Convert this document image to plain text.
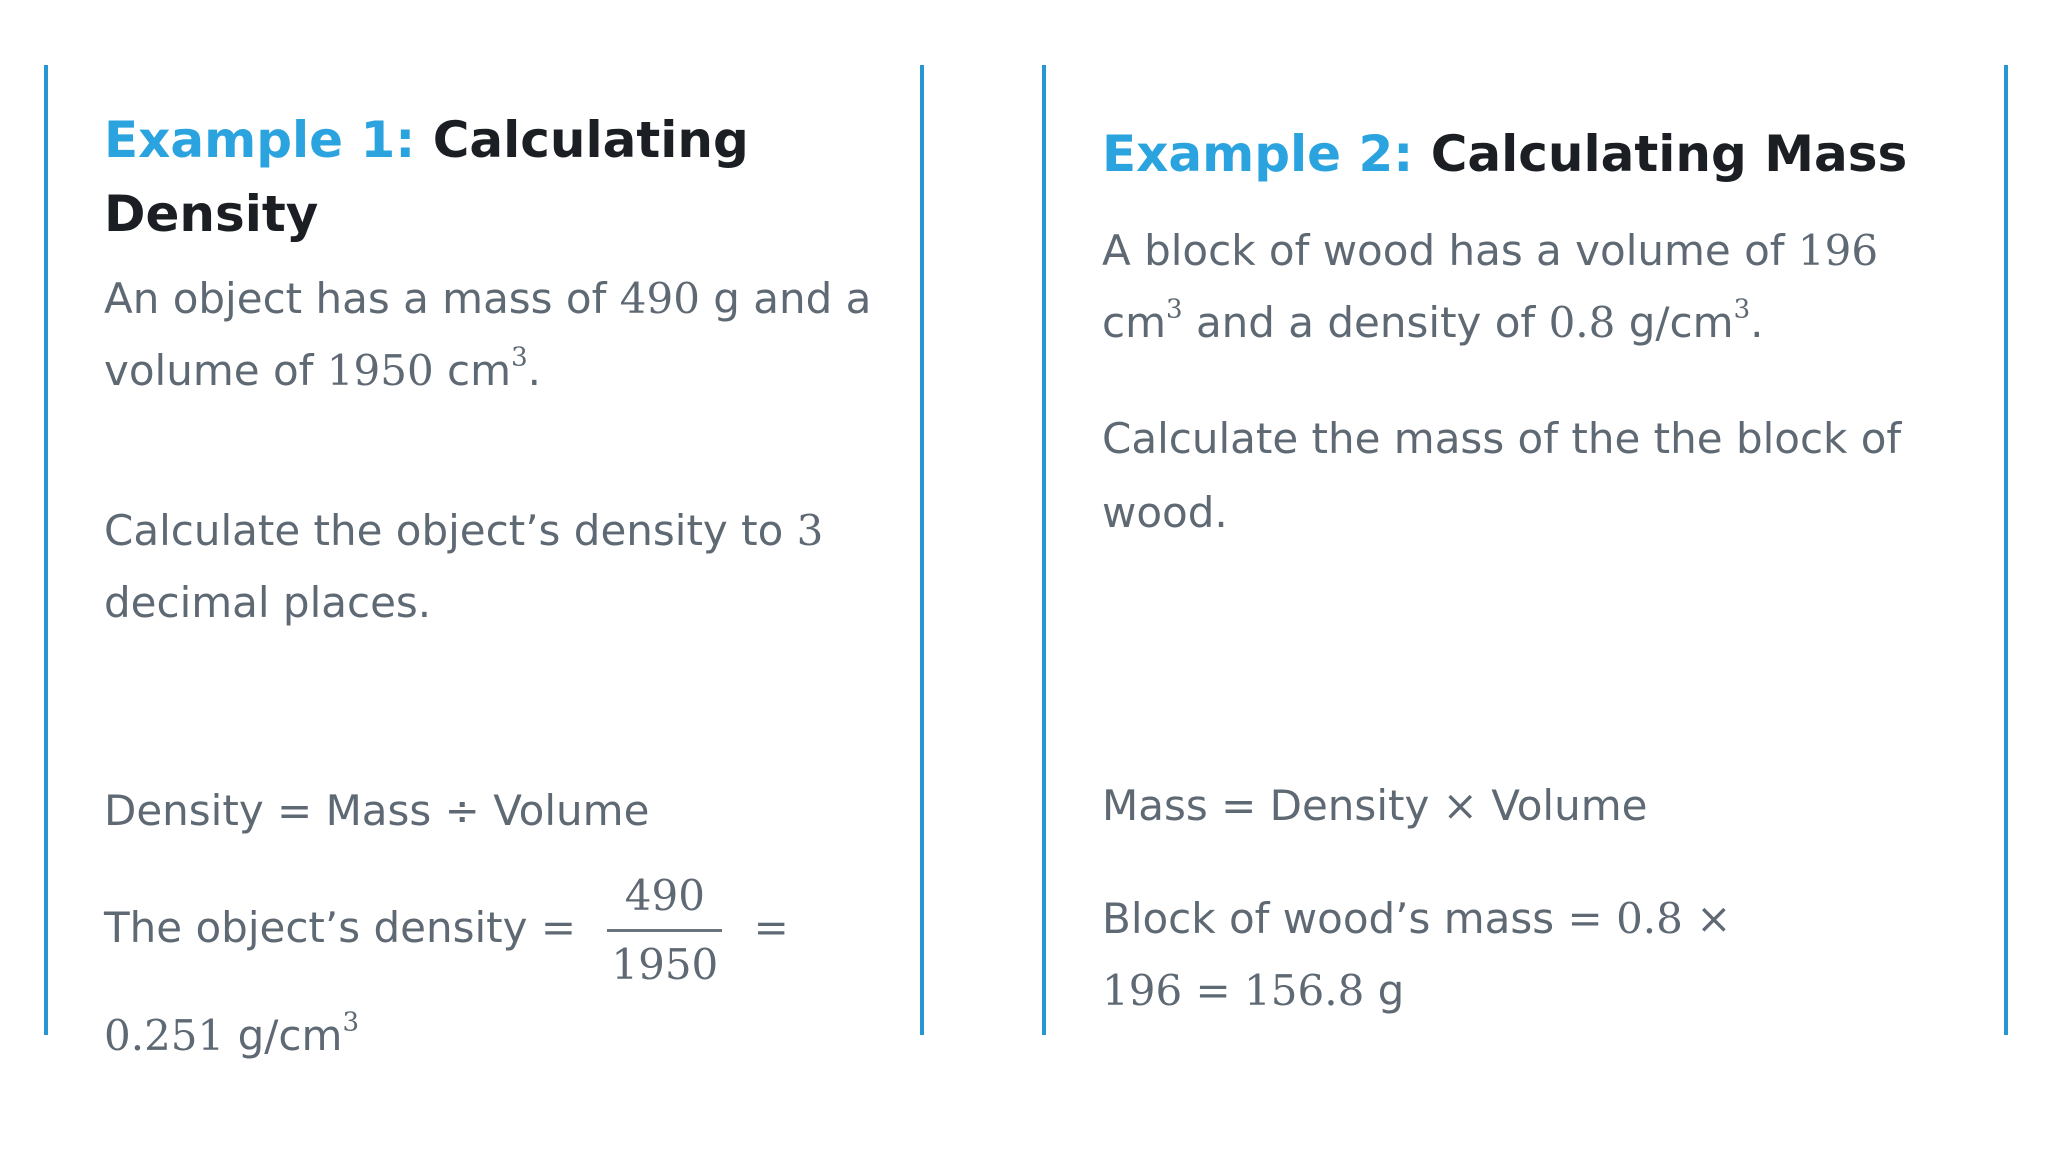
Example 1: Calculating Density

An object has a mass of 490 g and a volume of 1950 $cm^3$.

Calculate the object’s density to 3 decimal places.

Density = Mass ÷ Volume

The object’s density = $\frac{490}{1950}$ =
0.251 $g/cm^3$

Example 2: Calculating Mass

A block of wood has a volume of 196 $cm^3$ and a density of 0.8 $g/cm^3$.

Calculate the mass of the the block of wood.

Mass = Density × Volume

Block of wood’s mass = 0.8 ×
196 = 156.8 g
